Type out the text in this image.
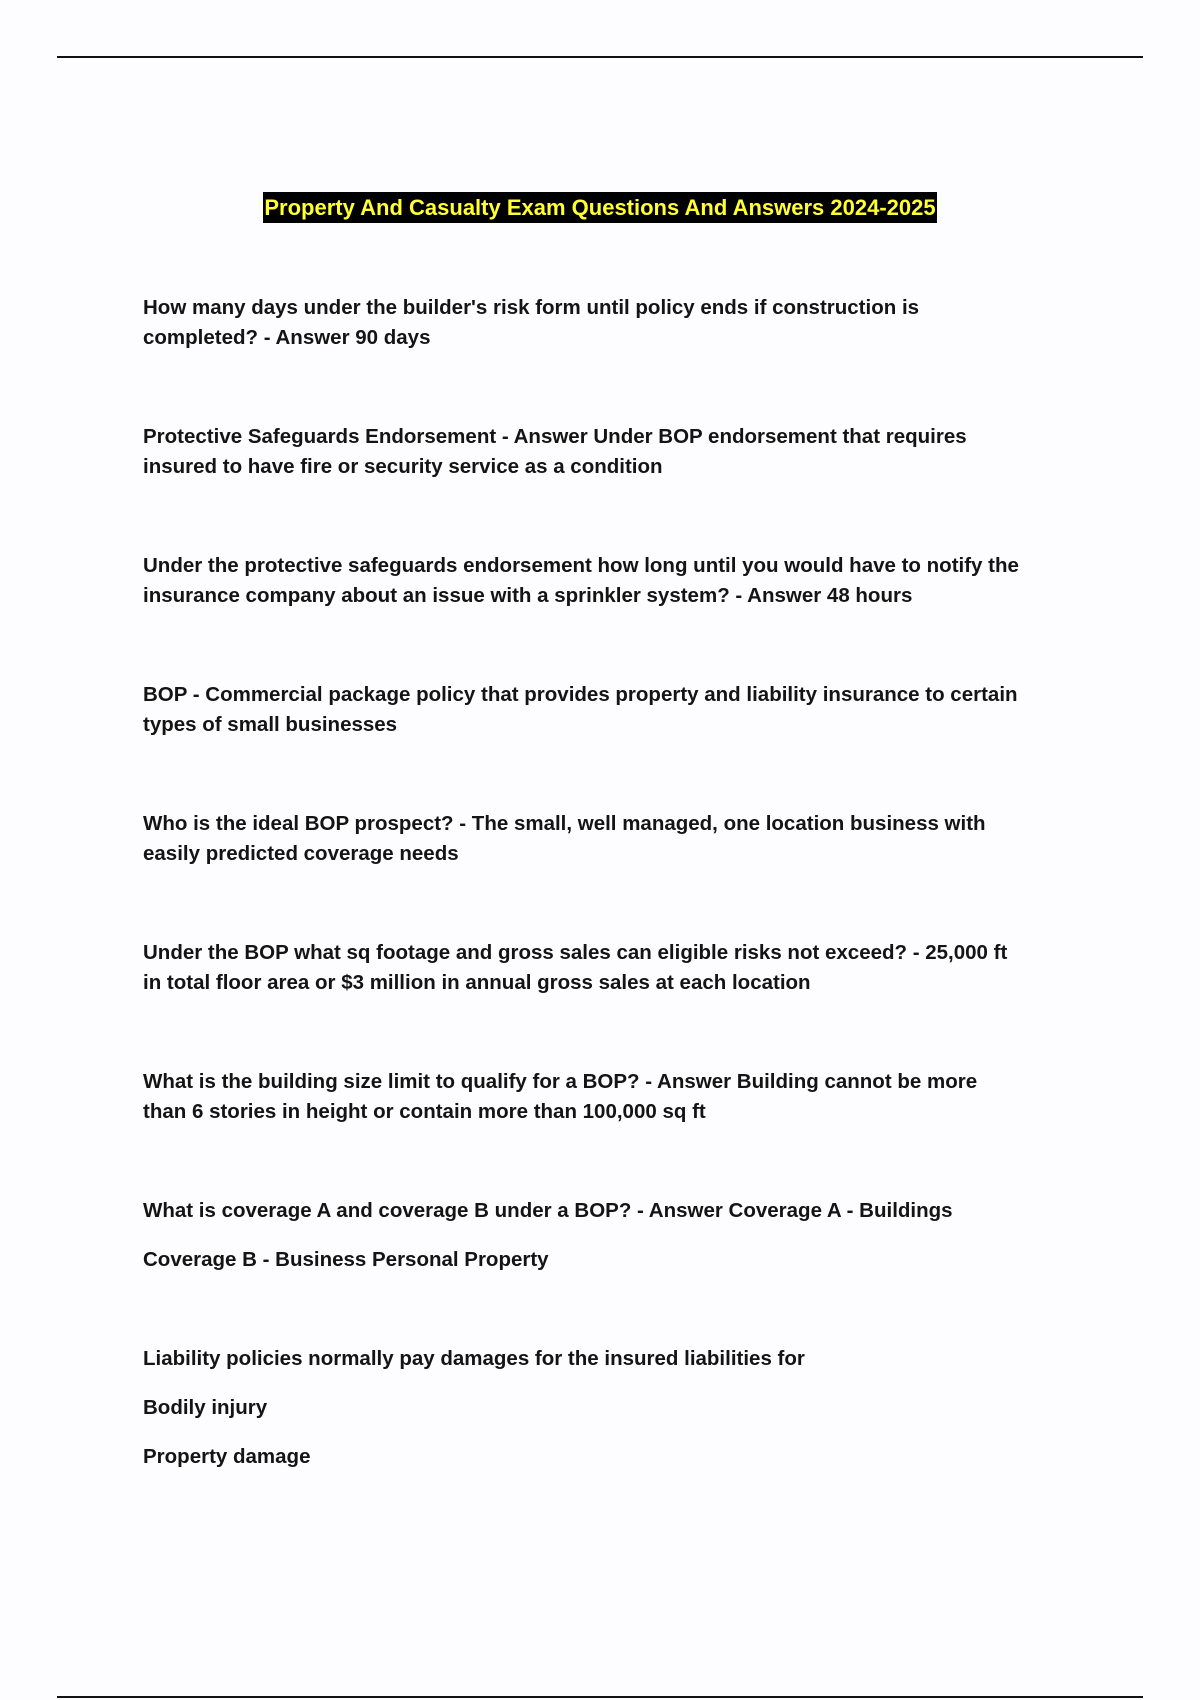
Property And Casualty Exam Questions And Answers 2024-2025
How many days under the builder's risk form until policy ends if construction is
completed? - Answer 90 days
Protective Safeguards Endorsement - Answer Under BOP endorsement that requires
insured to have fire or security service as a condition
Under the protective safeguards endorsement how long until you would have to notify the
insurance company about an issue with a sprinkler system? - Answer 48 hours
BOP - Commercial package policy that provides property and liability insurance to certain
types of small businesses
Who is the ideal BOP prospect? - The small, well managed, one location business with
easily predicted coverage needs
Under the BOP what sq footage and gross sales can eligible risks not exceed? - 25,000 ft
in total floor area or $3 million in annual gross sales at each location
What is the building size limit to qualify for a BOP? - Answer Building cannot be more
than 6 stories in height or contain more than 100,000 sq ft
What is coverage A and coverage B under a BOP? - Answer Coverage A - Buildings
Coverage B - Business Personal Property
Liability policies normally pay damages for the insured liabilities for
Bodily injury
Property damage
